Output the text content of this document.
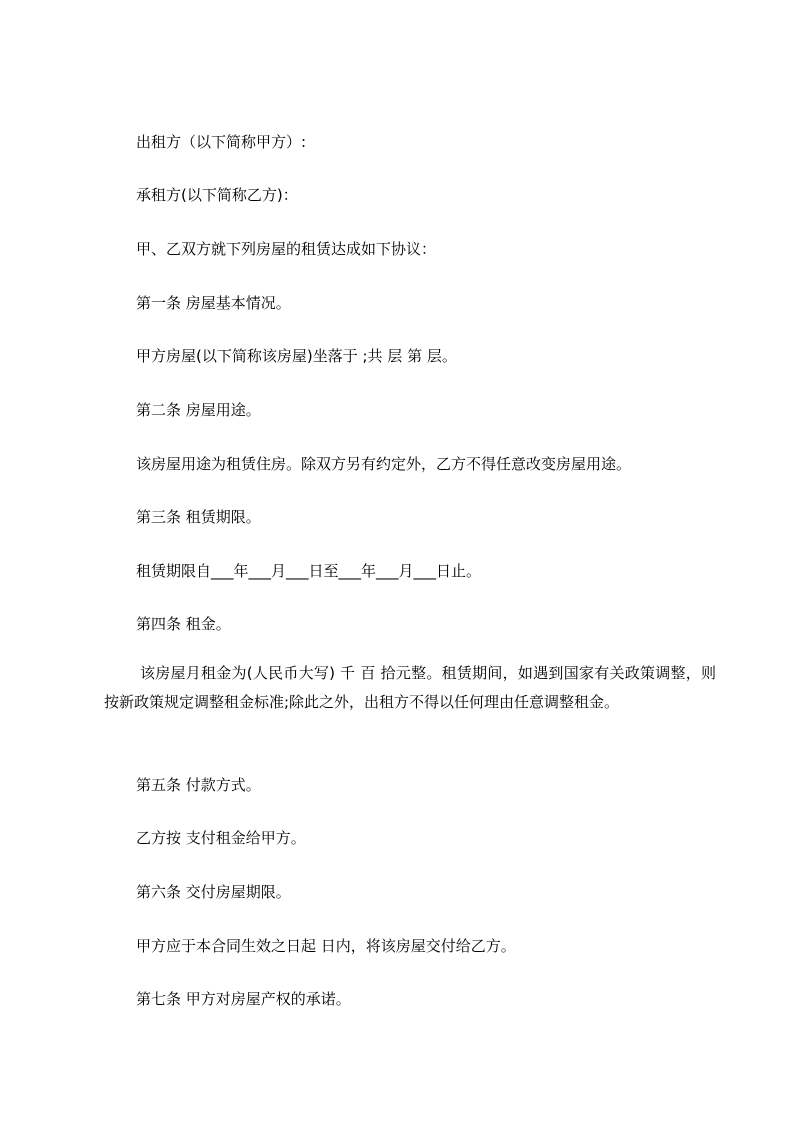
出租方（以下简称甲方）:
承租方(以下简称乙方)：
甲、乙双方就下列房屋的租赁达成如下协议：
第一条 房屋基本情况。
甲方房屋(以下简称该房屋)坐落于 ;共 层 第 层。
第二条 房屋用途。
该房屋用途为租赁住房。除双方另有约定外，乙方不得任意改变房屋用途。
第三条 租赁期限。
租赁期限自___年___月___日至___年___月___日止。
第四条 租金。
该房屋月租金为(人民币大写) 千 百 拾元整。租赁期间，如遇到国家有关政策调整，则按新政策规定调整租金标准;除此之外，出租方不得以任何理由任意调整租金。
第五条 付款方式。
乙方按 支付租金给甲方。
第六条 交付房屋期限。
甲方应于本合同生效之日起 日内，将该房屋交付给乙方。
第七条 甲方对房屋产权的承诺。
